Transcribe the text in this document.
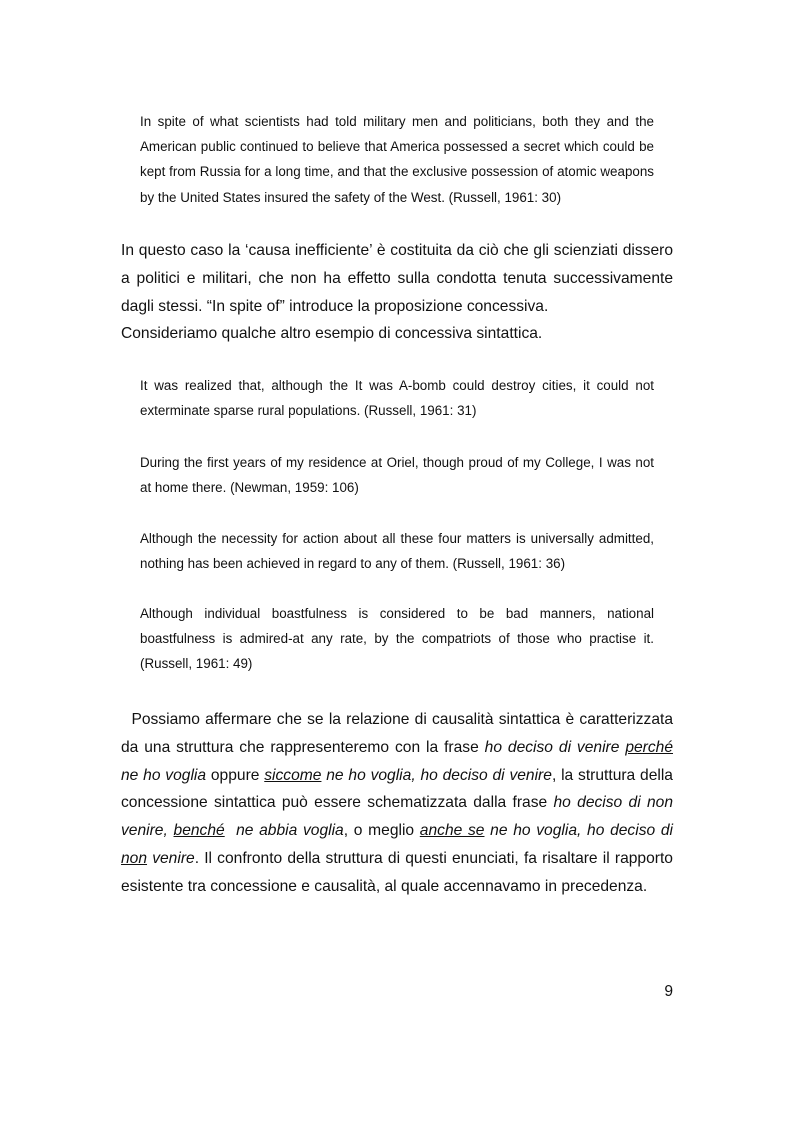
In spite of what scientists had told military men and politicians, both they and the American public continued to believe that America possessed a secret which could be kept from Russia for a long time, and that the exclusive possession of atomic weapons by the United States insured the safety of the West. (Russell, 1961: 30)

In questo caso la ‘causa inefficiente’ è costituita da ciò che gli scienziati dissero a politici e militari, che non ha effetto sulla condotta tenuta successivamente dagli stessi. “In spite of” introduce la proposizione concessiva.

Consideriamo qualche altro esempio di concessiva sintattica.

It was realized that, although the It was A-bomb could destroy cities, it could not exterminate sparse rural populations. (Russell, 1961: 31)

During the first years of my residence at Oriel, though proud of my College, I was not at home there. (Newman, 1959: 106)

Although the necessity for action about all these four matters is universally admitted, nothing has been achieved in regard to any of them. (Russell, 1961: 36)

Although individual boastfulness is considered to be bad manners, national boastfulness is admired-at any rate, by the compatriots of those who practise it. (Russell, 1961: 49)

Possiamo affermare che se la relazione di causalità sintattica è caratterizzata da una struttura che rappresenteremo con la frase ho deciso di venire perché ne ho voglia oppure siccome ne ho voglia, ho deciso di venire, la struttura della concessione sintattica può essere schematizzata dalla frase ho deciso di non venire, benché  ne abbia voglia, o meglio anche se ne ho voglia, ho deciso di non venire. Il confronto della struttura di questi enunciati, fa risaltare il rapporto esistente tra concessione e causalità, al quale accennavamo in precedenza.

9
